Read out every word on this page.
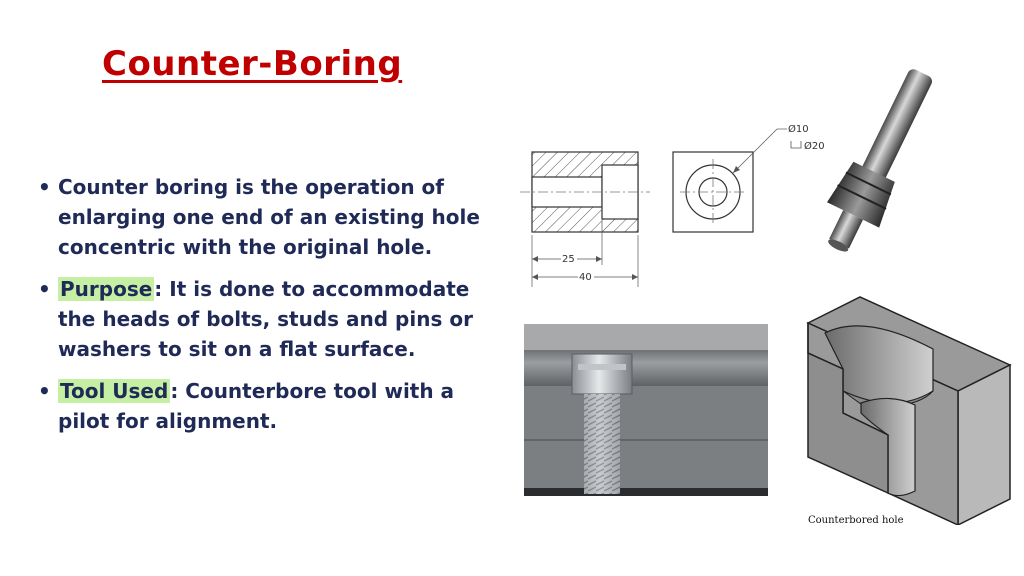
Counter-Boring
• Counter boring is the operation of enlarging one end of an existing hole concentric with the original hole.
• Purpose : It is done to accommodate the heads of bolts, studs and pins or washers to sit on a flat surface.
• Tool Used : Counterbore tool with a pilot for alignment.
25
40
Ø10
Ø20
Counterbored hole
